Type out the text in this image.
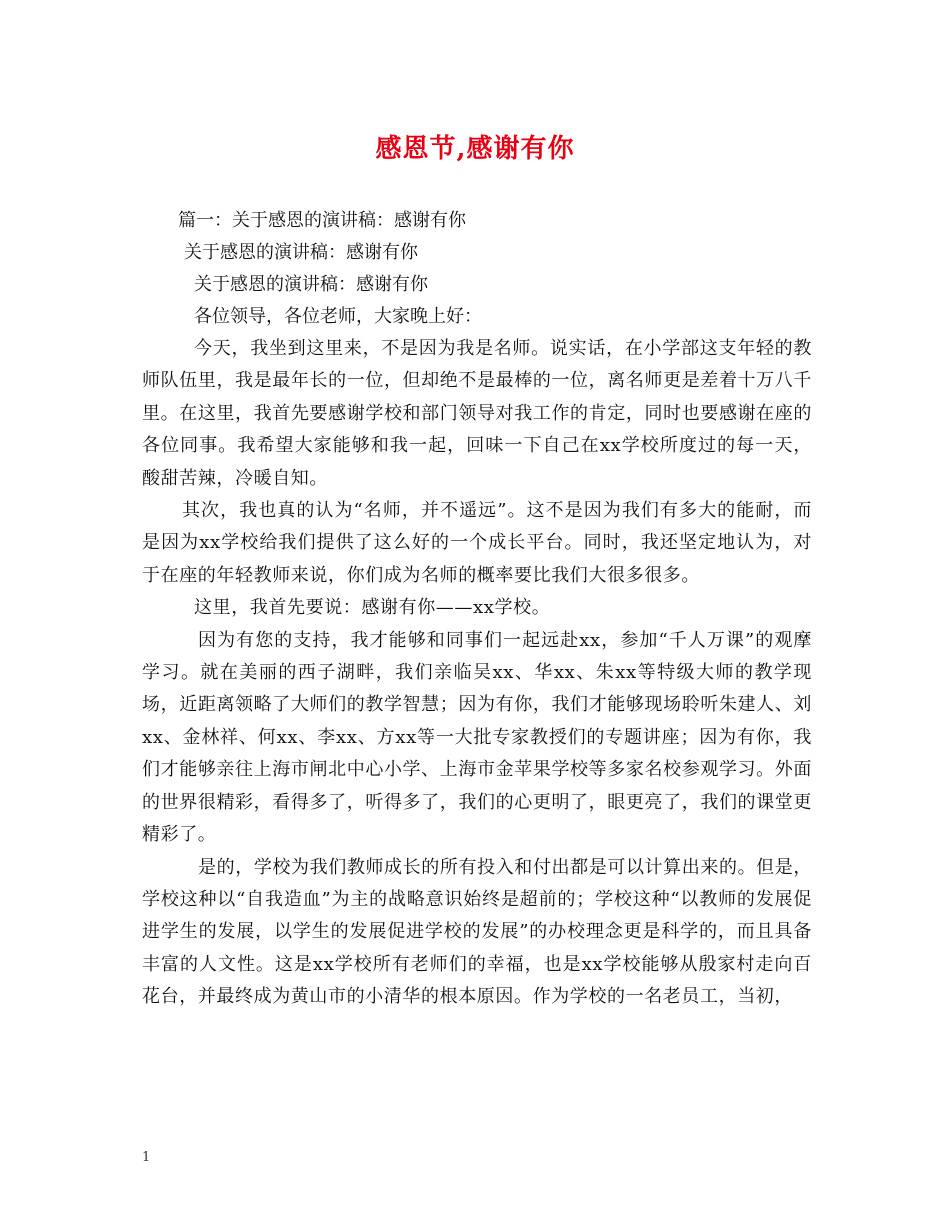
感恩节,感谢有你

篇一：关于感恩的演讲稿：感谢有你

关于感恩的演讲稿：感谢有你

关于感恩的演讲稿：感谢有你

各位领导，各位老师，大家晚上好：

今天，我坐到这里来，不是因为我是名师。说实话，在小学部这支年轻的教师队伍里，我是最年长的一位，但却绝不是最棒的一位，离名师更是差着十万八千里。在这里，我首先要感谢学校和部门领导对我工作的肯定，同时也要感谢在座的各位同事。我希望大家能够和我一起，回味一下自己在xx学校所度过的每一天，酸甜苦辣，冷暖自知。

其次，我也真的认为“名师，并不遥远”。这不是因为我们有多大的能耐，而是因为xx学校给我们提供了这么好的一个成长平台。同时，我还坚定地认为，对于在座的年轻教师来说，你们成为名师的概率要比我们大很多很多。

这里，我首先要说：感谢有你——xx学校。

因为有您的支持，我才能够和同事们一起远赴xx，参加“千人万课”的观摩学习。就在美丽的西子湖畔，我们亲临吴xx、华xx、朱xx等特级大师的教学现场，近距离领略了大师们的教学智慧；因为有你，我们才能够现场聆听朱建人、刘xx、金林祥、何xx、李xx、方xx等一大批专家教授们的专题讲座；因为有你，我们才能够亲往上海市闸北中心小学、上海市金苹果学校等多家名校参观学习。外面的世界很精彩，看得多了，听得多了，我们的心更明了，眼更亮了，我们的课堂更精彩了。

是的，学校为我们教师成长的所有投入和付出都是可以计算出来的。但是，学校这种以“自我造血”为主的战略意识始终是超前的；学校这种“以教师的发展促进学生的发展，以学生的发展促进学校的发展”的办校理念更是科学的，而且具备丰富的人文性。这是xx学校所有老师们的幸福，也是xx学校能够从殷家村走向百花台，并最终成为黄山市的小清华的根本原因。作为学校的一名老员工，当初，

1
